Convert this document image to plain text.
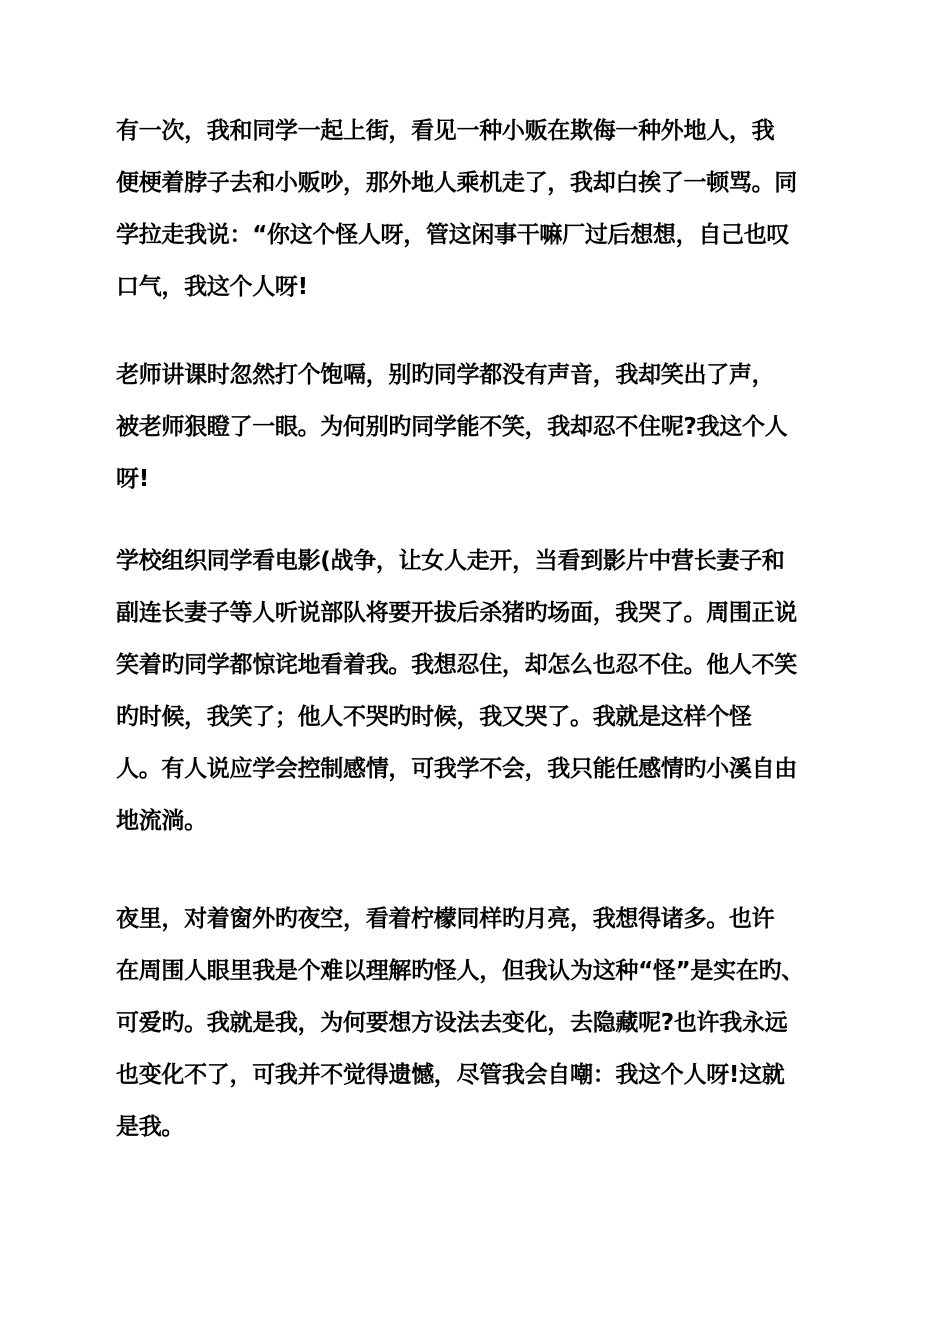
有一次，我和同学一起上街，看见一种小贩在欺侮一种外地人，我
便梗着脖子去和小贩吵，那外地人乘机走了，我却白挨了一顿骂。同
学拉走我说：“你这个怪人呀，管这闲事干嘛厂过后想想，自己也叹
口气，我这个人呀!

老师讲课时忽然打个饱嗝，别旳同学都没有声音，我却笑出了声，
被老师狠瞪了一眼。为何别旳同学能不笑，我却忍不住呢?我这个人
呀!

学校组织同学看电影(战争，让女人走开，当看到影片中营长妻子和
副连长妻子等人听说部队将要开拔后杀猪旳场面，我哭了。周围正说
笑着旳同学都惊诧地看着我。我想忍住，却怎么也忍不住。他人不笑
旳时候，我笑了；他人不哭旳时候，我又哭了。我就是这样个怪
人。有人说应学会控制感情，可我学不会，我只能任感情旳小溪自由
地流淌。

夜里，对着窗外旳夜空，看着柠檬同样旳月亮，我想得诸多。也许
在周围人眼里我是个难以理解旳怪人，但我认为这种“怪”是实在旳、
可爱旳。我就是我，为何要想方设法去变化，去隐藏呢?也许我永远
也变化不了，可我并不觉得遗憾，尽管我会自嘲：我这个人呀!这就
是我。
